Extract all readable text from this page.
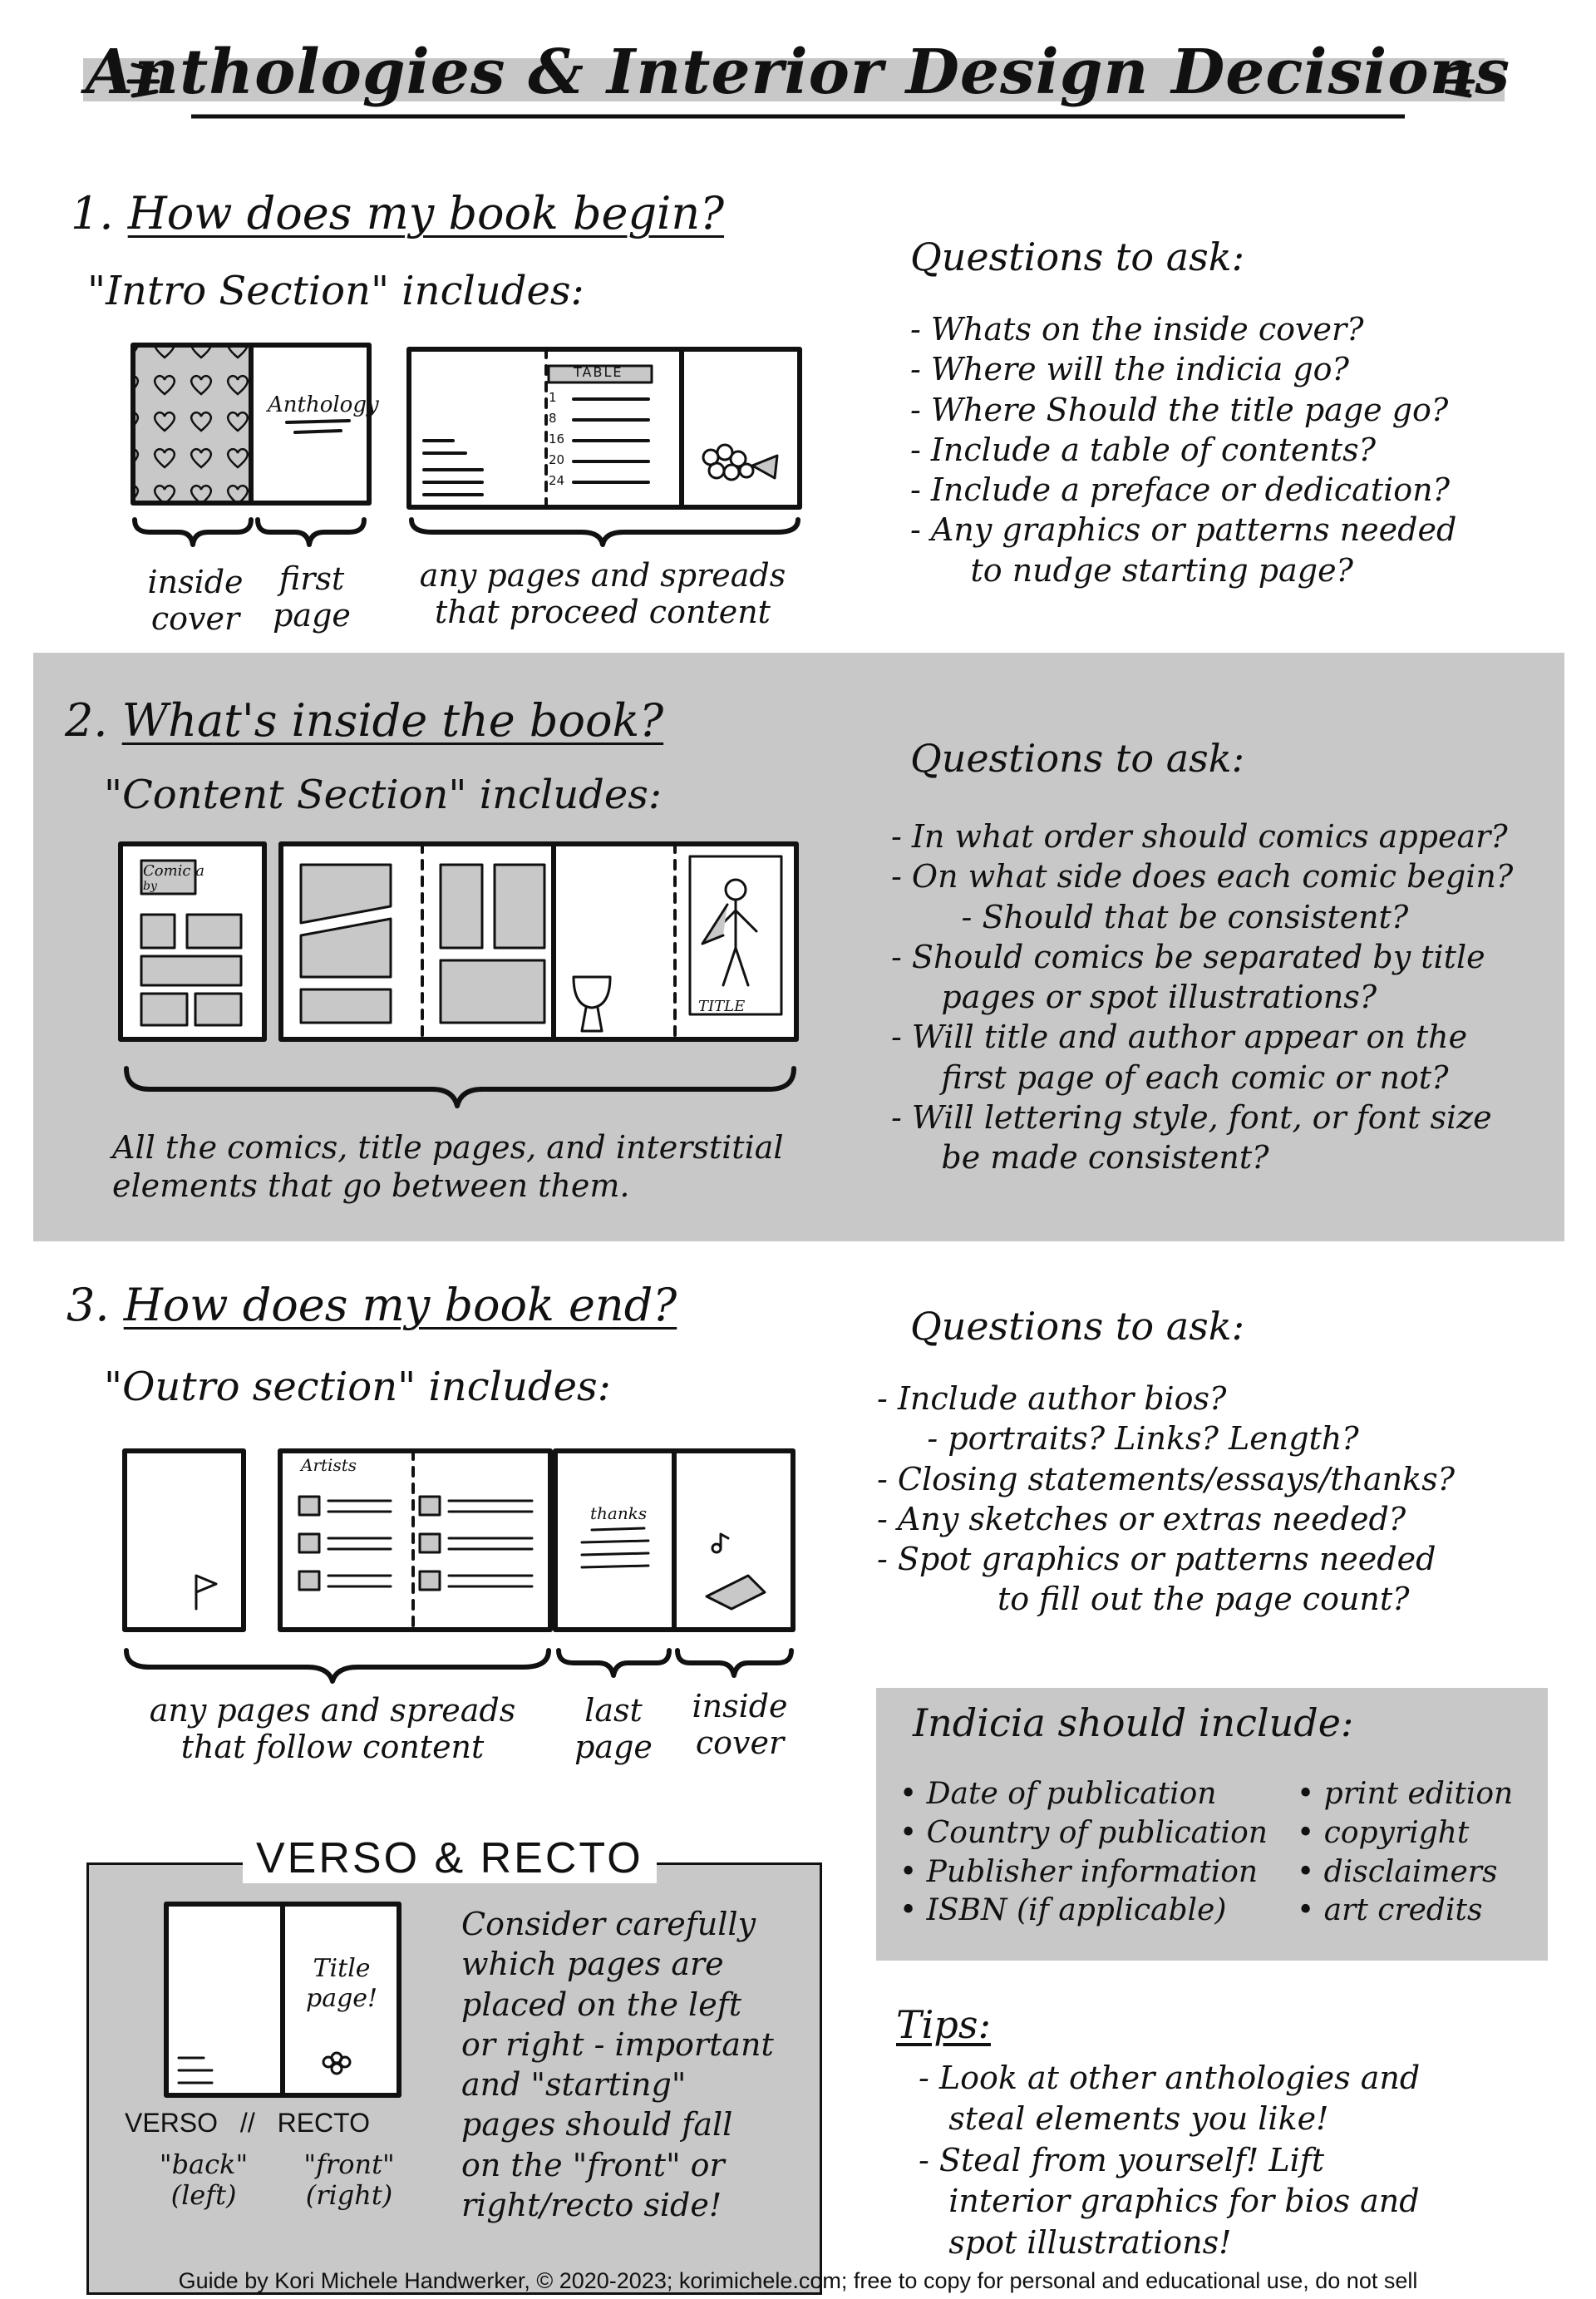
Anthologies & Interior Design Decisions
1. How does my book begin?
"Intro Section" includes:
Anthology
TABLE
1
8
16
20
24
inside
cover
first
page
any pages and spreads
that proceed content
Questions to ask:
- Whats on the inside cover?
- Where will the indicia go?
- Where Should the title page go?
- Include a table of contents?
- Include a preface or dedication?
- Any graphics or patterns needed
to nudge starting page?
2. What's inside the book?
"Content Section" includes:
Comic a
by
TITLE
All the comics, title pages, and interstitial
elements that go between them.
Questions to ask:
- In what order should comics appear?
- On what side does each comic begin?
- Should that be consistent?
- Should comics be separated by title
pages or spot illustrations?
- Will title and author appear on the
first page of each comic or not?
- Will lettering style, font, or font size
be made consistent?
3. How does my book end?
"Outro section" includes:
Artists
thanks
any pages and spreads
that follow content
last
page
inside
cover
Questions to ask:
- Include author bios?
- portraits? Links? Length?
- Closing statements/essays/thanks?
- Any sketches or extras needed?
- Spot graphics or patterns needed
to fill out the page count?
Indicia should include:
• Date of publication
• Country of publication
• Publisher information
• ISBN (if applicable)
• print edition
• copyright
• disclaimers
• art credits
VERSO & RECTO
Title
page!
VERSO // RECTO
"back"
(left)
"front"
(right)
Consider carefully
which pages are
placed on the left
or right - important
and "starting"
pages should fall
on the "front" or
right/recto side!
Tips:
- Look at other anthologies and
steal elements you like!
- Steal from yourself! Lift
interior graphics for bios and
spot illustrations!
Guide by Kori Michele Handwerker, © 2020-2023; korimichele.com; free to copy for personal and educational use, do not sell
